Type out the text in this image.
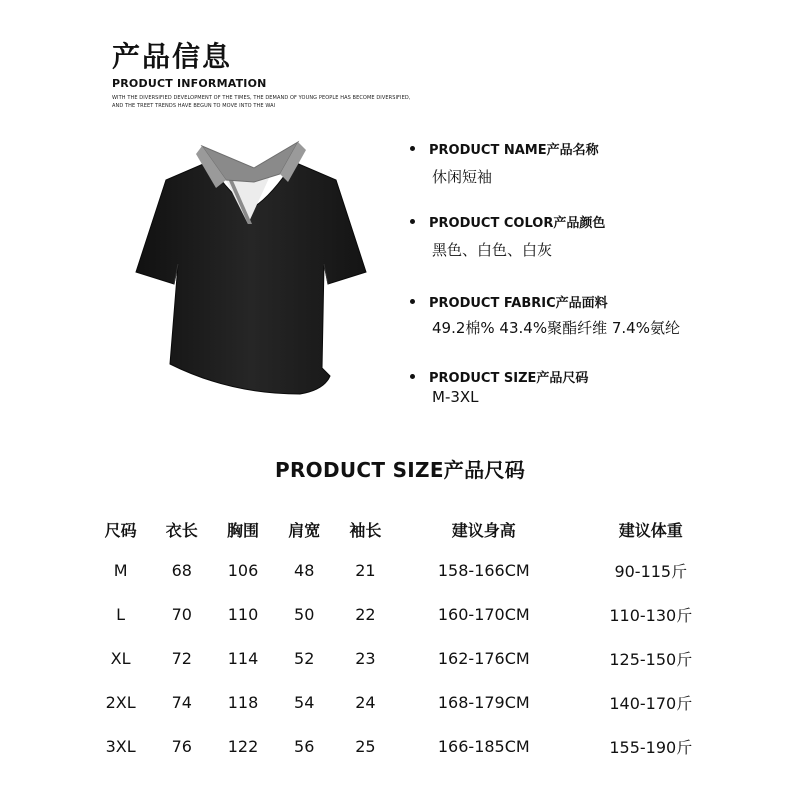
产品信息
PRODUCT INFORMATION
WITH THE DIVERSIFIED DEVELOPMENT OF THE TIMES, THE DEMAND OF YOUNG PEOPLE HAS BECOME DIVERSIFIED, AND THE TREET TRENDS HAVE BEGUN TO MOVE INTO THE WAI
PRODUCT NAME产品名称
休闲短袖
PRODUCT COLOR产品颜色
黑色、白色、白灰
PRODUCT FABRIC产品面料
49.2棉% 43.4%聚酯纤维 7.4%氨纶
PRODUCT SIZE产品尺码
M-3XL
PRODUCT SIZE产品尺码
尺码	衣长	胸围	肩宽	袖长	建议身高	建议体重
M	68	106	48	21	158-166CM	90-115斤
L	70	110	50	22	160-170CM	110-130斤
XL	72	114	52	23	162-176CM	125-150斤
2XL	74	118	54	24	168-179CM	140-170斤
3XL	76	122	56	25	166-185CM	155-190斤
